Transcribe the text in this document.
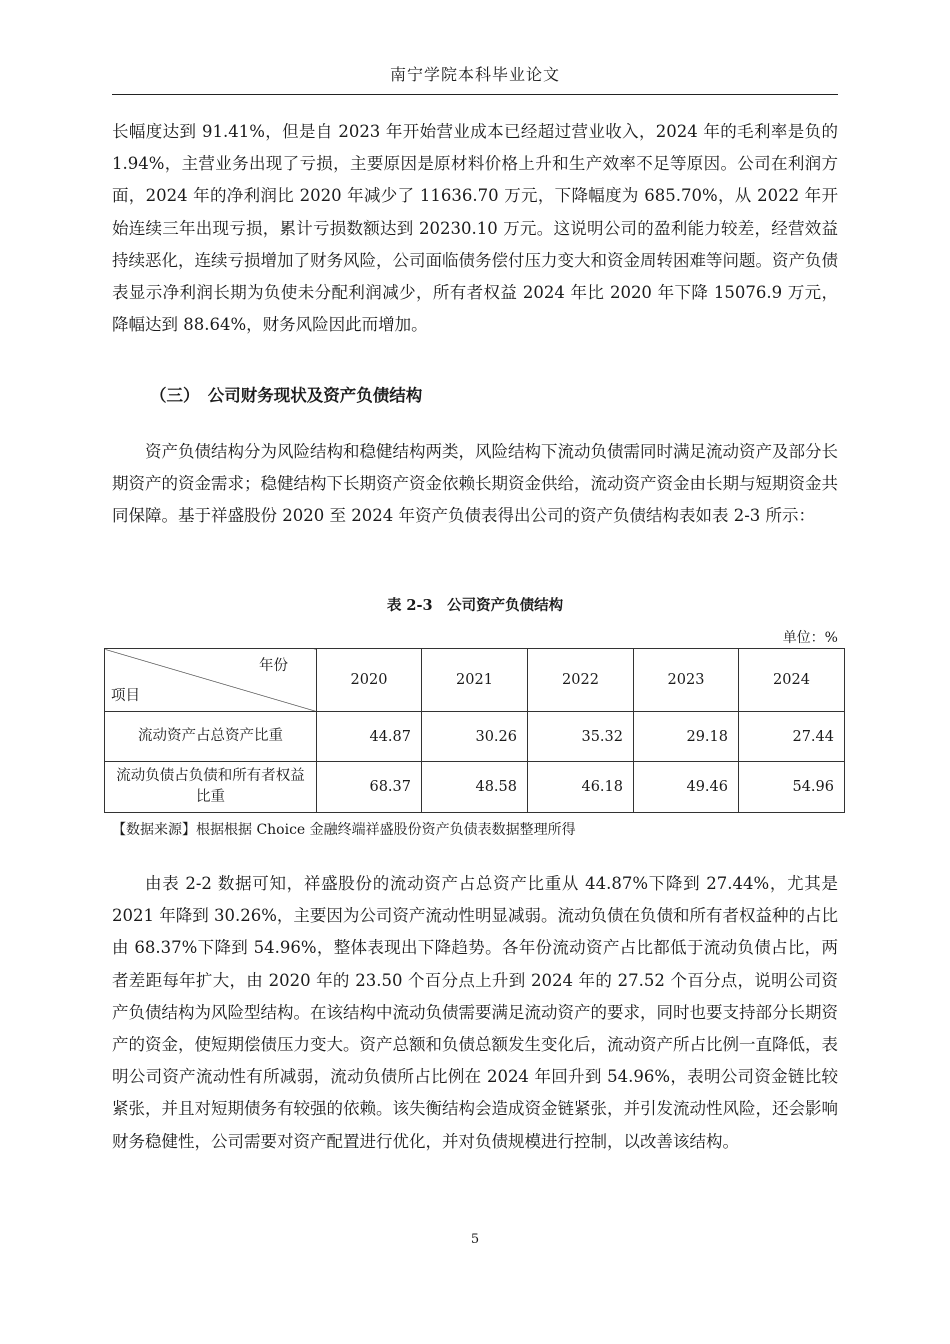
南宁学院本科毕业论文

长幅度达到 91.41%，但是自 2023 年开始营业成本已经超过营业收入，2024 年的毛利率是负的 1.94%，主营业务出现了亏损，主要原因是原材料价格上升和生产效率不足等原因。公司在利润方面，2024 年的净利润比 2020 年减少了 11636.70 万元，下降幅度为 685.70%，从 2022 年开始连续三年出现亏损，累计亏损数额达到 20230.10 万元。这说明公司的盈利能力较差，经营效益持续恶化，连续亏损增加了财务风险，公司面临债务偿付压力变大和资金周转困难等问题。资产负债表显示净利润长期为负使未分配利润减少，所有者权益 2024 年比 2020 年下降 15076.9 万元，降幅达到 88.64%，财务风险因此而增加。

（三）　公司财务现状及资产负债结构

资产负债结构分为风险结构和稳健结构两类，风险结构下流动负债需同时满足流动资产及部分长期资产的资金需求；稳健结构下长期资产资金依赖长期资金供给，流动资产资金由长期与短期资金共同保障。基于祥盛股份 2020 至 2024 年资产负债表得出公司的资产负债结构表如表 2-3 所示：

表 2-3　公司资产负债结构
单位：%
年份
项目	2020	2021	2022	2023	2024
流动资产占总资产比重	44.87	30.26	35.32	29.18	27.44
流动负债占负债和所有者权益比重	68.37	48.58	46.18	49.46	54.96
【数据来源】根据根据 Choice 金融终端祥盛股份资产负债表数据整理所得

由表 2-2 数据可知，祥盛股份的流动资产占总资产比重从 44.87%下降到 27.44%，尤其是 2021 年降到 30.26%，主要因为公司资产流动性明显减弱。流动负债在负债和所有者权益种的占比由 68.37%下降到 54.96%，整体表现出下降趋势。各年份流动资产占比都低于流动负债占比，两者差距每年扩大，由 2020 年的 23.50 个百分点上升到 2024 年的 27.52 个百分点，说明公司资产负债结构为风险型结构。在该结构中流动负债需要满足流动资产的要求，同时也要支持部分长期资产的资金，使短期偿债压力变大。资产总额和负债总额发生变化后，流动资产所占比例一直降低，表明公司资产流动性有所减弱，流动负债所占比例在 2024 年回升到 54.96%，表明公司资金链比较紧张，并且对短期债务有较强的依赖。该失衡结构会造成资金链紧张，并引发流动性风险，还会影响财务稳健性，公司需要对资产配置进行优化，并对负债规模进行控制，以改善该结构。

5
